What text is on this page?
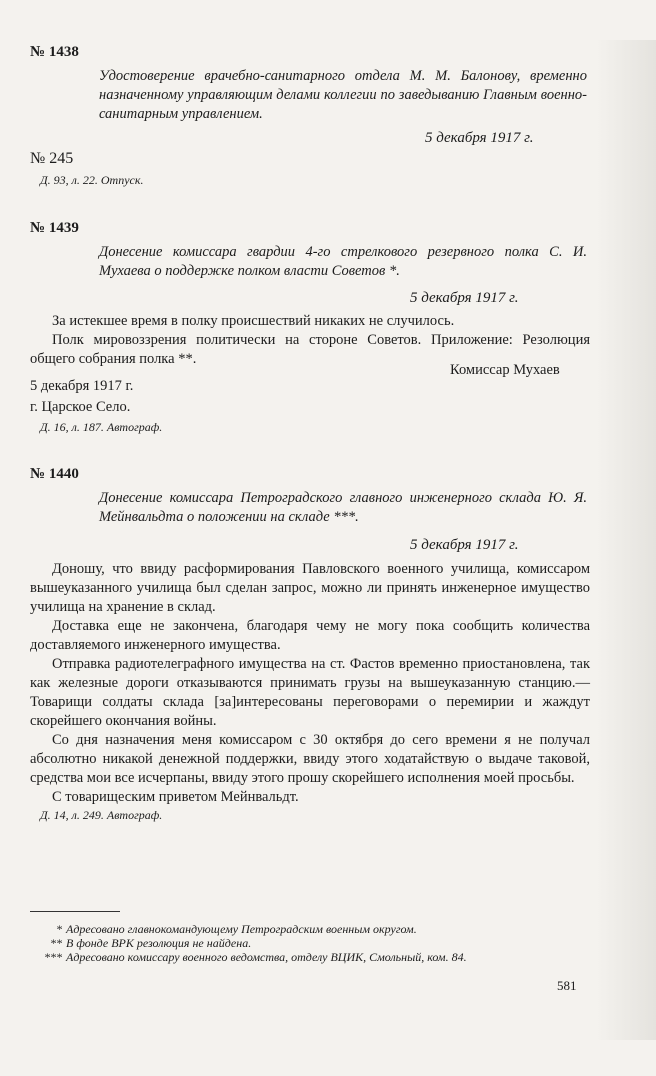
№ 1438
Удостоверение врачебно-санитарного отдела М. М. Балонову, временно назначенному управляющим делами коллегии по заведыванию Главным военно-санитарным управлением.
5 декабря 1917 г.
№ 245
Д. 93, л. 22. Отпуск.
№ 1439
Донесение комиссара гвардии 4-го стрелкового резервного полка С. И. Мухаева о поддержке полком власти Советов *.
5 декабря 1917 г.

За истекшее время в полку происшествий никаких не случилось.

Полк мировоззрения политически на стороне Советов. Приложение: Резолюция общего собрания полка **.

Комиссар Мухаев
5 декабря 1917 г.
г. Царское Село.
Д. 16, л. 187. Автограф.
№ 1440
Донесение комиссара Петроградского главного инженерного склада Ю. Я. Мейнвальдта о положении на складе ***.
5 декабря 1917 г.

Доношу, что ввиду расформирования Павловского военного училища, комиссаром вышеуказанного училища был сделан запрос, можно ли принять инженерное имущество училища на хранение в склад.

Доставка еще не закончена, благодаря чему не могу пока сообщить количества доставляемого инженерного имущества.

Отправка радиотелеграфного имущества на ст. Фастов временно приостановлена, так как железные дороги отказываются принимать грузы на вышеуказанную станцию.— Товарищи солдаты склада [за]интересованы переговорами о перемирии и жаждут скорейшего окончания войны.

Со дня назначения меня комиссаром с 30 октября до сего времени я не получал абсолютно никакой денежной поддержки, ввиду этого ходатайствую о выдаче таковой, средства мои все исчерпаны, ввиду этого прошу скорейшего исполнения моей просьбы.

С товарищеским приветом Мейнвальдт.

Д. 14, л. 249. Автограф.
* Адресовано главнокомандующему Петроградским военным округом.
** В фонде ВРК резолюция не найдена.
*** Адресовано комиссару военного ведомства, отделу ВЦИК, Смольный, ком. 84.
581
